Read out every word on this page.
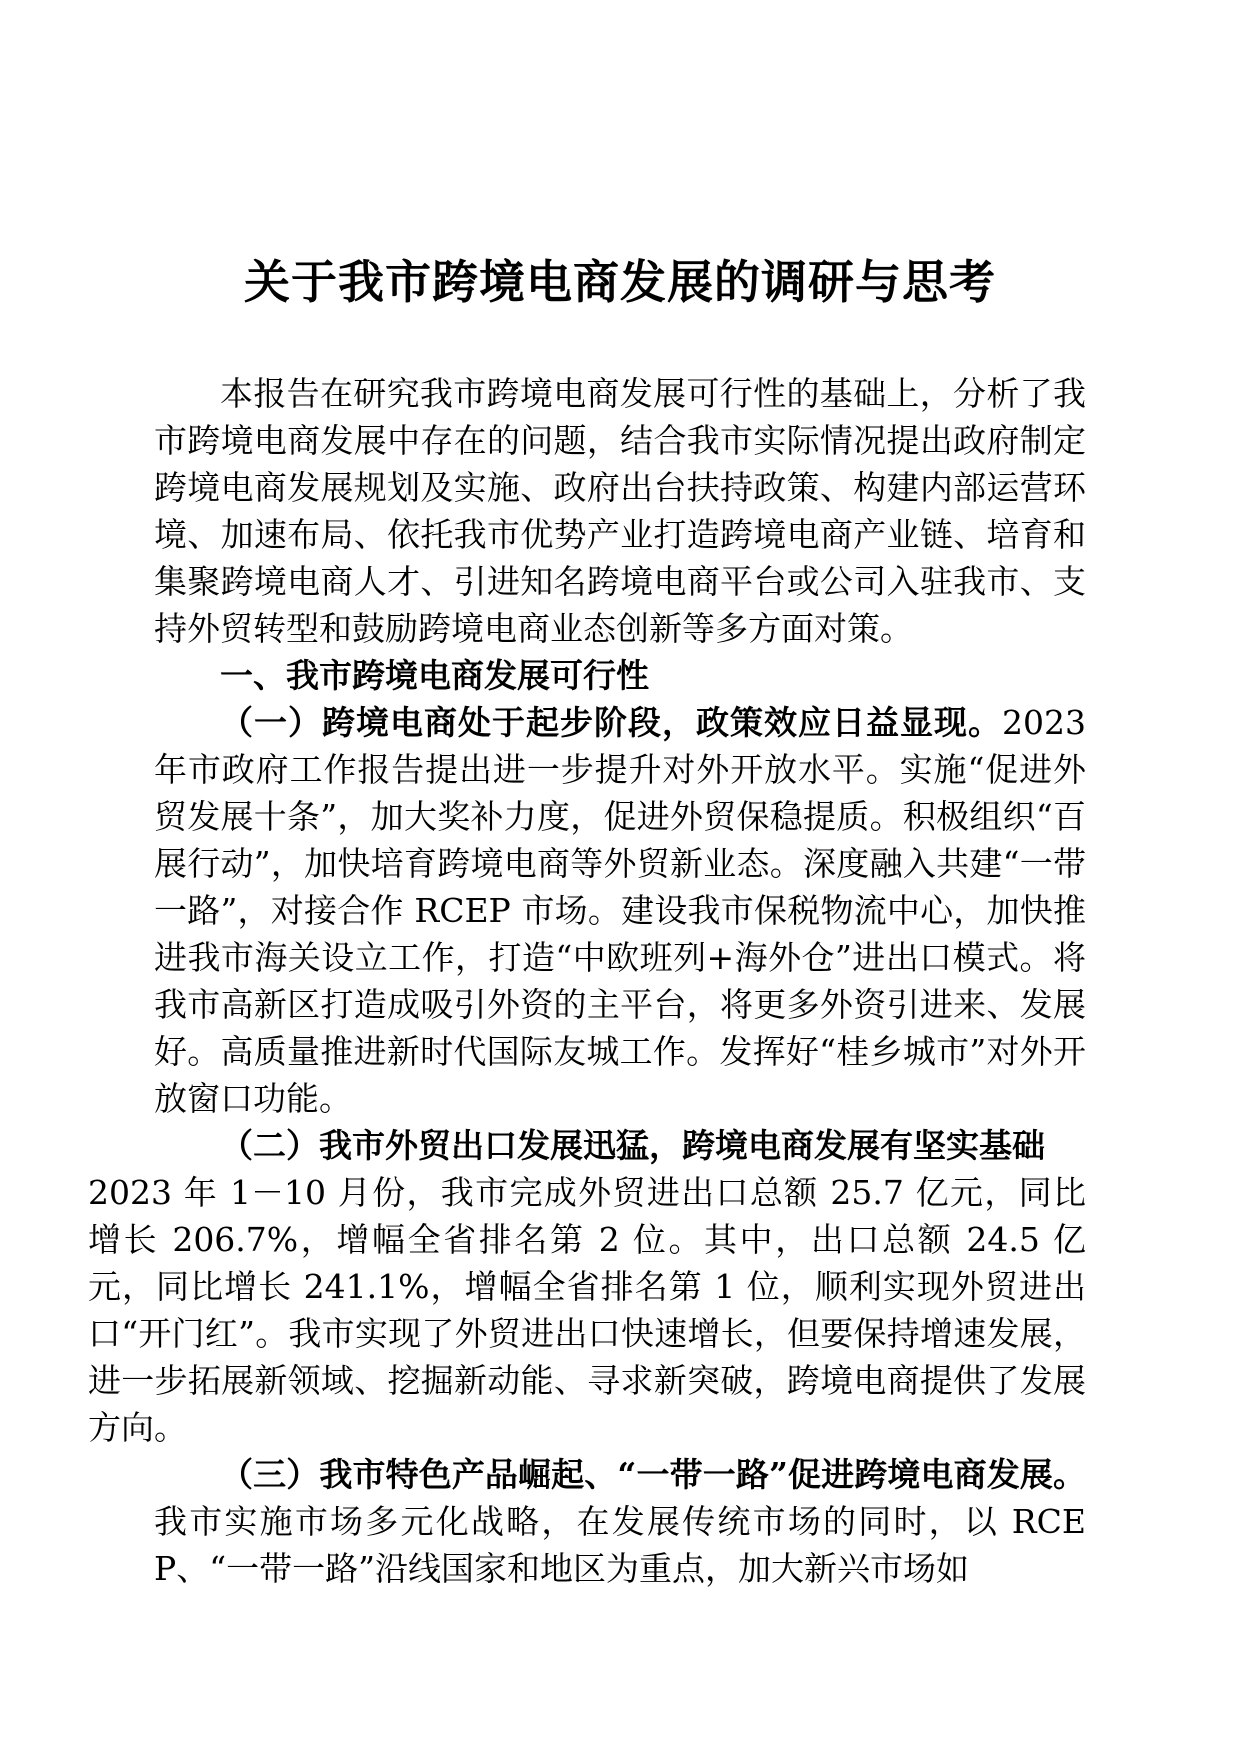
关于我市跨境电商发展的调研与思考

本报告在研究我市跨境电商发展可行性的基础上，分析了我市跨境电商发展中存在的问题，结合我市实际情况提出政府制定跨境电商发展规划及实施、政府出台扶持政策、构建内部运营环境、加速布局、依托我市优势产业打造跨境电商产业链、培育和集聚跨境电商人才、引进知名跨境电商平台或公司入驻我市、支持外贸转型和鼓励跨境电商业态创新等多方面对策。

一、我市跨境电商发展可行性

（一）跨境电商处于起步阶段，政策效应日益显现。2023年市政府工作报告提出进一步提升对外开放水平。实施“促进外贸发展十条”，加大奖补力度，促进外贸保稳提质。积极组织“百展行动”，加快培育跨境电商等外贸新业态。深度融入共建“一带一路”，对接合作 RCEP 市场。建设我市保税物流中心，加快推进我市海关设立工作，打造“中欧班列+海外仓”进出口模式。将我市高新区打造成吸引外资的主平台，将更多外资引进来、发展好。高质量推进新时代国际友城工作。发挥好“桂乡城市”对外开放窗口功能。

（二）我市外贸出口发展迅猛，跨境电商发展有坚实基础
2023 年 1－10 月份，我市完成外贸进出口总额 25.7 亿元，同比增长 206.7%，增幅全省排名第 2 位。其中，出口总额 24.5 亿元，同比增长 241.1%，增幅全省排名第 1 位，顺利实现外贸进出口“开门红”。我市实现了外贸进出口快速增长，但要保持增速发展，进一步拓展新领域、挖掘新动能、寻求新突破，跨境电商提供了发展方向。

（三）我市特色产品崛起、“一带一路”促进跨境电商发展。我市实施市场多元化战略，在发展传统市场的同时，以 RCEP、“一带一路”沿线国家和地区为重点，加大新兴市场如
